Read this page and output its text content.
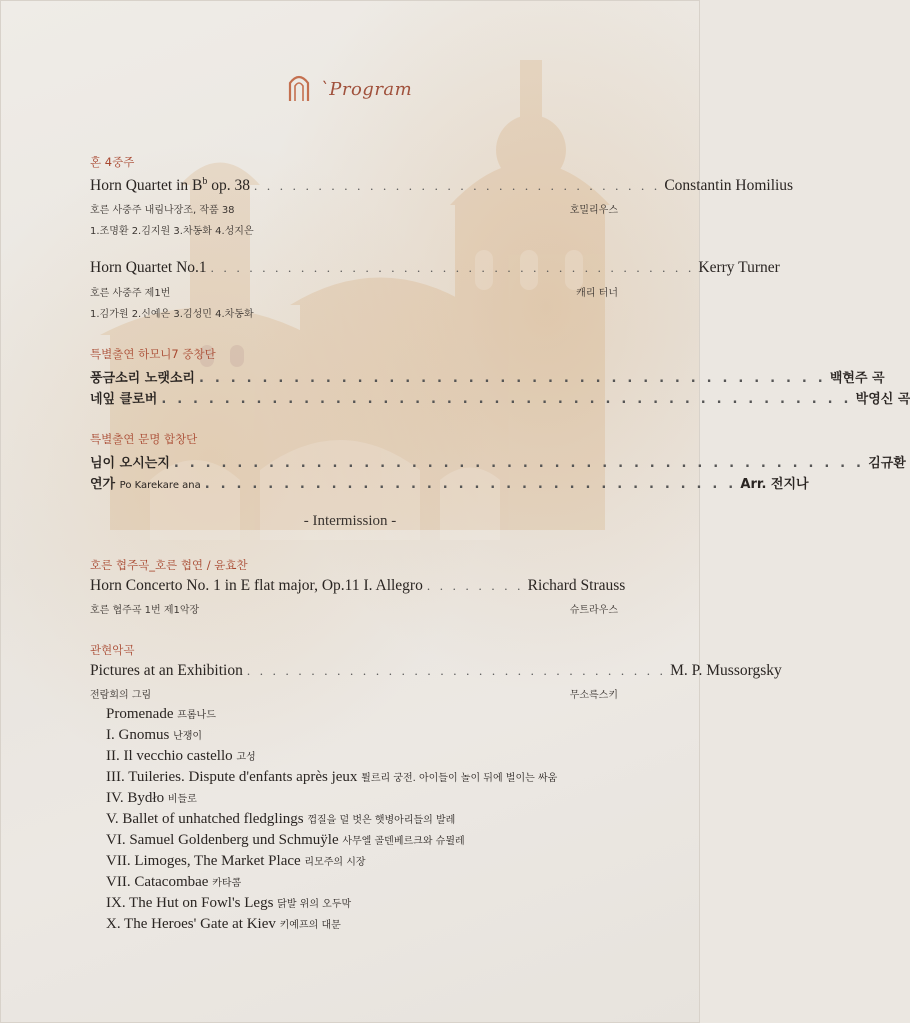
`Program
혼 4중주
Horn Quartet in $B^b$ op. 38 . . . . . . . . . . . . . . . . . . . . . . . . . . . . . . . . Constantin Homilius
호른 사중주 내림나장조, 작품 38	호밀리우스
1.조명환 2.김지원 3.차동화 4.성지은
Horn Quartet No.1 . . . . . . . . . . . . . . . . . . . . . . . . . . . . . . . . . . . . . . Kerry Turner
호른 사중주 제1번	캐리 터너
1.김가원 2.신예은 3.김성민 4.차동화
특별출연 하모니7 중창단
풍금소리 노랫소리 . . . . . . . . . . . . . . . . . . . . . . . . . . . . . . . . . . . . . . . . 백현주 곡
네잎 클로버 . . . . . . . . . . . . . . . . . . . . . . . . . . . . . . . . . . . . . . . . . . . . 박영신 곡
특별출연 문명 합창단
님이 오시는지 . . . . . . . . . . . . . . . . . . . . . . . . . . . . . . . . . . . . . . . . . . . . 김규환
연가 Po Karekare ana . . . . . . . . . . . . . . . . . . . . . . . . . . . . . . . . . . Arr. 전지나
- Intermission -
호른 협주곡_호른 협연 / 윤효찬
Horn Concerto No. 1 in E flat major, Op.11 I. Allegro . . . . . . . . Richard Strauss
호른 협주곡 1번 제1악장	슈트라우스
관현악곡
Pictures at an Exhibition . . . . . . . . . . . . . . . . . . . . . . . . . . . . . . . . . M. P. Mussorgsky
전람회의 그림	무소륵스키
Promenade 프롬나드
I. Gnomus 난쟁이
II. Il vecchio castello 고성
III. Tuileries. Dispute d'enfants après jeux 튈르리 궁전. 아이들이 놀이 뒤에 벌이는 싸움
IV. Bydło 비들로
V. Ballet of unhatched fledglings 껍질을 덜 벗은 햇병아리들의 발레
VI. Samuel Goldenberg und Schmuÿle 사무엘 골덴베르크와 슈뮐레
VII. Limoges, The Market Place 리모주의 시장
VII. Catacombae 카타콤
IX. The Hut on Fowl's Legs 닭발 위의 오두막
X. The Heroes' Gate at Kiev 키예프의 대문
